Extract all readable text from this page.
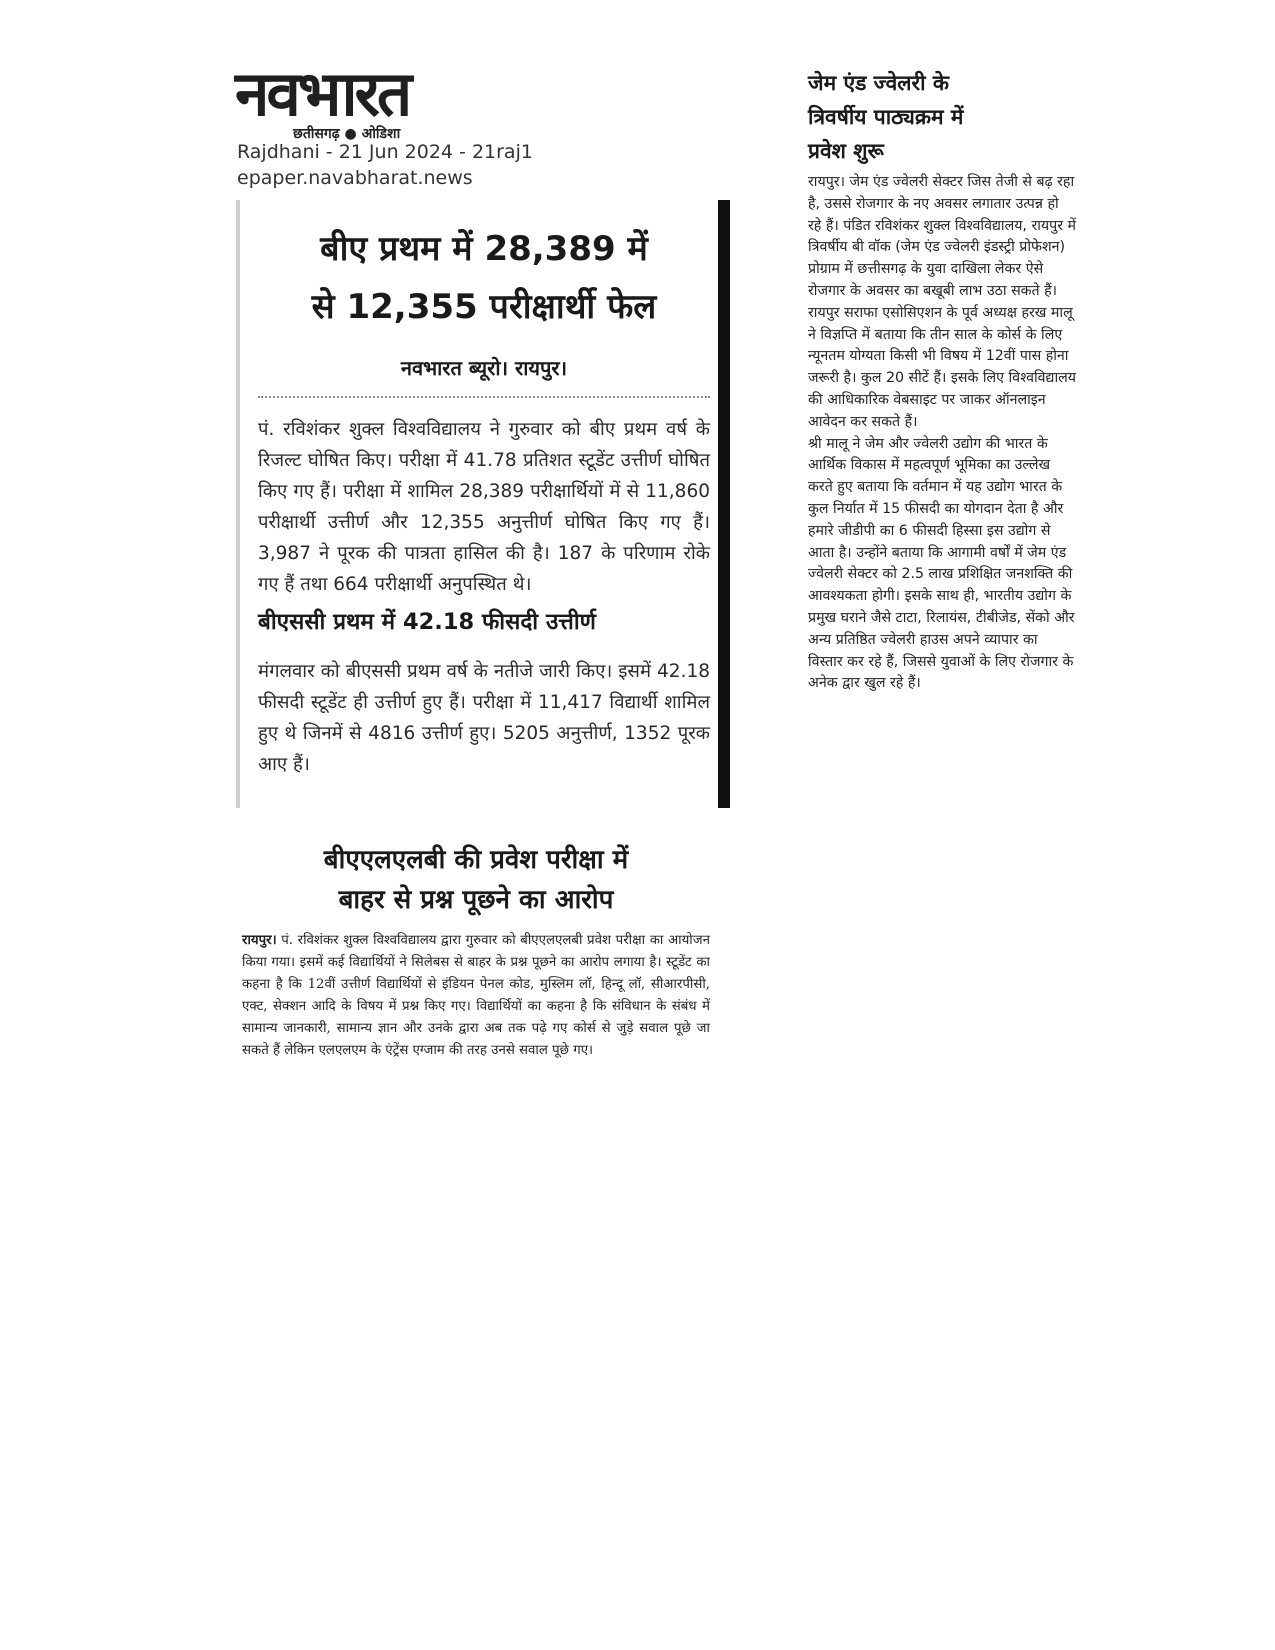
नवभारत
छतीसगढ़ ● ओडिशा
Rajdhani - 21 Jun 2024 - 21raj1
epaper.navabharat.news
बीए प्रथम में 28,389 में
से 12,355 परीक्षार्थी फेल
नवभारत ब्यूरो। रायपुर।

पं. रविशंकर शुक्ल विश्वविद्यालय ने गुरुवार को बीए प्रथम वर्ष के रिजल्ट घोषित किए। परीक्षा में 41.78 प्रतिशत स्टूडेंट उत्तीर्ण घोषित किए गए हैं। परीक्षा में शामिल 28,389 परीक्षार्थियों में से 11,860 परीक्षार्थी उत्तीर्ण और 12,355 अनुत्तीर्ण घोषित किए गए हैं। 3,987 ने पूरक की पात्रता हासिल की है। 187 के परिणाम रोके गए हैं तथा 664 परीक्षार्थी अनुपस्थित थे।

बीएससी प्रथम में 42.18 फीसदी उत्तीर्ण

मंगलवार को बीएससी प्रथम वर्ष के नतीजे जारी किए। इसमें 42.18 फीसदी स्टूडेंट ही उत्तीर्ण हुए हैं। परीक्षा में 11,417 विद्यार्थी शामिल हुए थे जिनमें से 4816 उत्तीर्ण हुए। 5205 अनुत्तीर्ण, 1352 पूरक आए हैं।

बीएएलएलबी की प्रवेश परीक्षा में
बाहर से प्रश्न पूछने का आरोप

रायपुर। पं. रविशंकर शुक्ल विश्वविद्यालय द्वारा गुरुवार को बीएएलएलबी प्रवेश परीक्षा का आयोजन किया गया। इसमें कई विद्यार्थियों ने सिलेबस से बाहर के प्रश्न पूछने का आरोप लगाया है। स्टूडेंट का कहना है कि 12वीं उत्तीर्ण विद्यार्थियों से इंडियन पेनल कोड, मुस्लिम लॉ, हिन्दू लॉ, सीआरपीसी, एक्ट, सेक्शन आदि के विषय में प्रश्न किए गए। विद्यार्थियों का कहना है कि संविधान के संबंध में सामान्य जानकारी, सामान्य ज्ञान और उनके द्वारा अब तक पढ़े गए कोर्स से जुड़े सवाल पूछे जा सकते हैं लेकिन एलएलएम के एंट्रेंस एग्जाम की तरह उनसे सवाल पूछे गए।

जेम एंड ज्वेलरी के
त्रिवर्षीय पाठ्यक्रम में
प्रवेश शुरू

रायपुर। जेम एंड ज्वेलरी सेक्टर जिस तेजी से बढ़ रहा है, उससे रोजगार के नए अवसर लगातार उत्पन्न हो रहे हैं। पंडित रविशंकर शुक्ल विश्वविद्यालय, रायपुर में त्रिवर्षीय बी वॉक (जेम एंड ज्वेलरी इंडस्ट्री प्रोफेशन) प्रोग्राम में छत्तीसगढ़ के युवा दाखिला लेकर ऐसे रोजगार के अवसर का बखूबी लाभ उठा सकते हैं। रायपुर सराफा एसोसिएशन के पूर्व अध्यक्ष हरख मालू ने विज्ञप्ति में बताया कि तीन साल के कोर्स के लिए न्यूनतम योग्यता किसी भी विषय में 12वीं पास होना जरूरी है। कुल 20 सीटें हैं। इसके लिए विश्वविद्यालय की आधिकारिक वेबसाइट पर जाकर ऑनलाइन आवेदन कर सकते हैं।

श्री मालू ने जेम और ज्वेलरी उद्योग की भारत के आर्थिक विकास में महत्वपूर्ण भूमिका का उल्लेख करते हुए बताया कि वर्तमान में यह उद्योग भारत के कुल निर्यात में 15 फीसदी का योगदान देता है और हमारे जीडीपी का 6 फीसदी हिस्सा इस उद्योग से आता है। उन्होंने बताया कि आगामी वर्षों में जेम एंड ज्वेलरी सेक्टर को 2.5 लाख प्रशिक्षित जनशक्ति की आवश्यकता होगी। इसके साथ ही, भारतीय उद्योग के प्रमुख घराने जैसे टाटा, रिलायंस, टीबीजेड, सेंको और अन्य प्रतिष्ठित ज्वेलरी हाउस अपने व्यापार का विस्तार कर रहे हैं, जिससे युवाओं के लिए रोजगार के अनेक द्वार खुल रहे हैं।
